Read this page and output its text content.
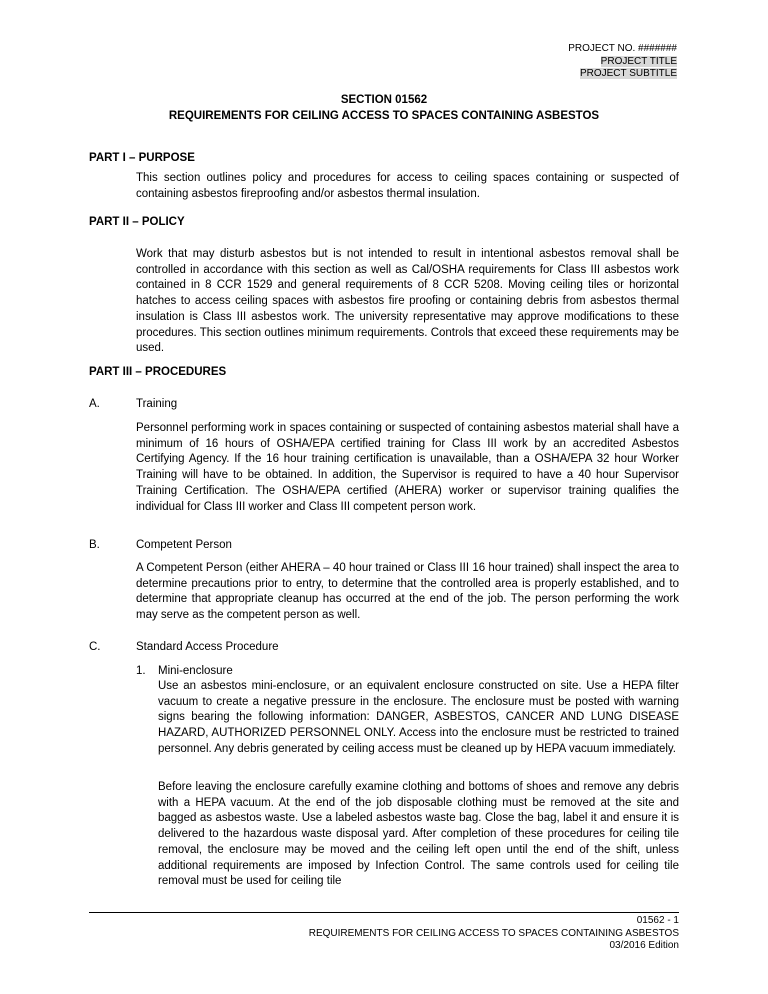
PROJECT NO. #######
PROJECT TITLE
PROJECT SUBTITLE
SECTION 01562
REQUIREMENTS FOR CEILING ACCESS TO SPACES CONTAINING ASBESTOS
PART I – PURPOSE
This section outlines policy and procedures for access to ceiling spaces containing or suspected of containing asbestos fireproofing and/or asbestos thermal insulation.
PART II – POLICY
Work that may disturb asbestos but is not intended to result in intentional asbestos removal shall be controlled in accordance with this section as well as Cal/OSHA requirements for Class III asbestos work contained in 8 CCR 1529 and general requirements of 8 CCR 5208. Moving ceiling tiles or horizontal hatches to access ceiling spaces with asbestos fire proofing or containing debris from asbestos thermal insulation is Class III asbestos work. The university representative may approve modifications to these procedures. This section outlines minimum requirements. Controls that exceed these requirements may be used.
PART III – PROCEDURES
A.	Training
Personnel performing work in spaces containing or suspected of containing asbestos material shall have a minimum of 16 hours of OSHA/EPA certified training for Class III work by an accredited Asbestos Certifying Agency. If the 16 hour training certification is unavailable, than a OSHA/EPA 32 hour Worker Training will have to be obtained. In addition, the Supervisor is required to have a 40 hour Supervisor Training Certification. The OSHA/EPA certified (AHERA) worker or supervisor training qualifies the individual for Class III worker and Class III competent person work.
B.	Competent Person
A Competent Person (either AHERA – 40 hour trained or Class III 16 hour trained) shall inspect the area to determine precautions prior to entry, to determine that the controlled area is properly established, and to determine that appropriate cleanup has occurred at the end of the job. The person performing the work may serve as the competent person as well.
C.	Standard Access Procedure
1. Mini-enclosure
Use an asbestos mini-enclosure, or an equivalent enclosure constructed on site. Use a HEPA filter vacuum to create a negative pressure in the enclosure. The enclosure must be posted with warning signs bearing the following information: DANGER, ASBESTOS, CANCER AND LUNG DISEASE HAZARD, AUTHORIZED PERSONNEL ONLY. Access into the enclosure must be restricted to trained personnel. Any debris generated by ceiling access must be cleaned up by HEPA vacuum immediately.
Before leaving the enclosure carefully examine clothing and bottoms of shoes and remove any debris with a HEPA vacuum. At the end of the job disposable clothing must be removed at the site and bagged as asbestos waste. Use a labeled asbestos waste bag. Close the bag, label it and ensure it is delivered to the hazardous waste disposal yard. After completion of these procedures for ceiling tile removal, the enclosure may be moved and the ceiling left open until the end of the shift, unless additional requirements are imposed by Infection Control. The same controls used for ceiling tile removal must be used for ceiling tile
01562 - 1
REQUIREMENTS FOR CEILING ACCESS TO SPACES CONTAINING ASBESTOS
03/2016 Edition
